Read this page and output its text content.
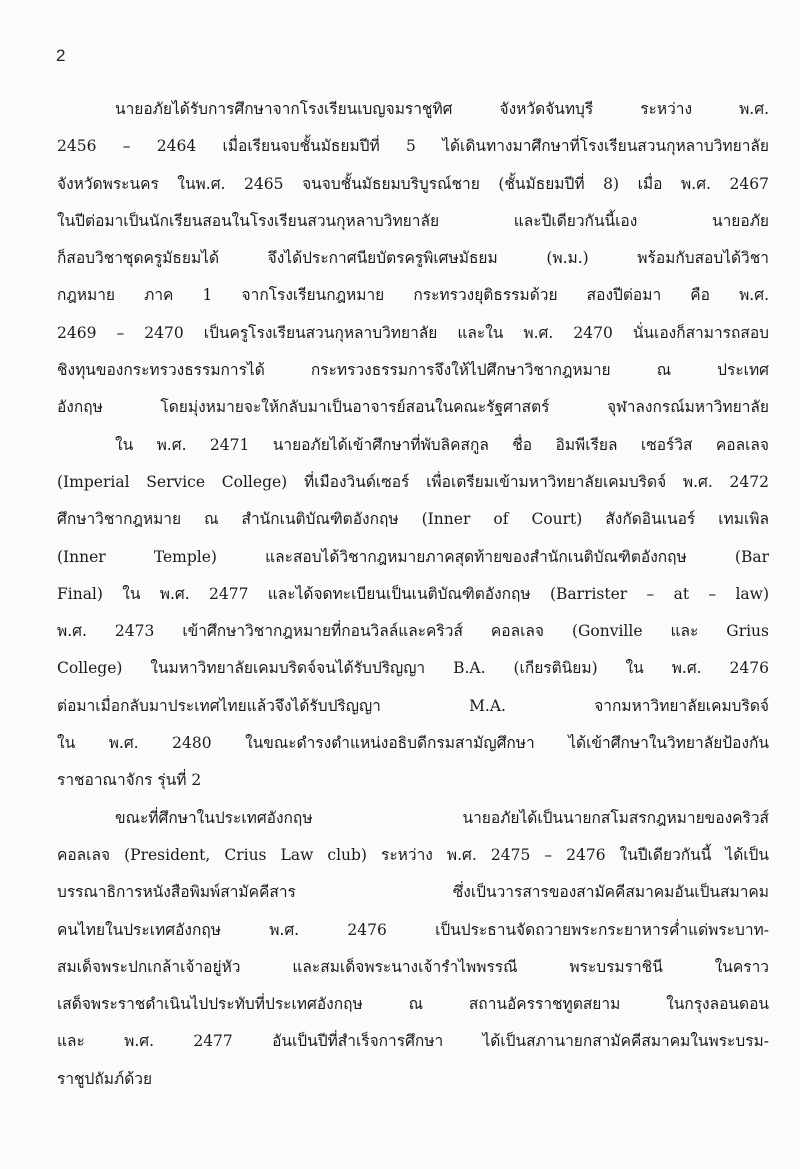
2
นายอภัยได้รับการศึกษาจากโรงเรียนเบญจมราชูทิศ จังหวัดจันทบุรี ระหว่าง พ.ศ.
2456 – 2464 เมื่อเรียนจบชั้นมัธยมปีที่ 5 ได้เดินทางมาศึกษาที่โรงเรียนสวนกุหลาบวิทยาลัย
จังหวัดพระนคร ในพ.ศ. 2465 จนจบชั้นมัธยมบริบูรณ์ชาย (ชั้นมัธยมปีที่ 8) เมื่อ พ.ศ. 2467
ในปีต่อมาเป็นนักเรียนสอนในโรงเรียนสวนกุหลาบวิทยาลัย และปีเดียวกันนี้เอง นายอภัย
ก็สอบวิชาชุดครูมัธยมได้ จึงได้ประกาศนียบัตรครูพิเศษมัธยม (พ.ม.) พร้อมกับสอบได้วิชา
กฎหมาย ภาค 1 จากโรงเรียนกฎหมาย กระทรวงยุติธรรมด้วย สองปีต่อมา คือ พ.ศ.
2469 – 2470 เป็นครูโรงเรียนสวนกุหลาบวิทยาลัย และใน พ.ศ. 2470 นั่นเองก็สามารถสอบ
ชิงทุนของกระทรวงธรรมการได้ กระทรวงธรรมการจึงให้ไปศึกษาวิชากฎหมาย ณ ประเทศ
อังกฤษ โดยมุ่งหมายจะให้กลับมาเป็นอาจารย์สอนในคณะรัฐศาสตร์ จุฬาลงกรณ์มหาวิทยาลัย
ใน พ.ศ. 2471 นายอภัยได้เข้าศึกษาที่พับลิคสกูล ชื่อ อิมพีเรียล เซอร์วิส คอลเลจ
(Imperial Service College) ที่เมืองวินด์เซอร์ เพื่อเตรียมเข้ามหาวิทยาลัยเคมบริดจ์ พ.ศ. 2472
ศึกษาวิชากฎหมาย ณ สำนักเนติบัณฑิตอังกฤษ (Inner of Court) สังกัดอินเนอร์ เทมเพิล
(Inner Temple) และสอบได้วิชากฎหมายภาคสุดท้ายของสำนักเนติบัณฑิตอังกฤษ (Bar
Final) ใน พ.ศ. 2477 และได้จดทะเบียนเป็นเนติบัณฑิตอังกฤษ (Barrister – at – law)
พ.ศ. 2473 เข้าศึกษาวิชากฎหมายที่กอนวิลล์และคริวส์ คอลเลจ (Gonville และ Grius
College) ในมหาวิทยาลัยเคมบริดจ์จนได้รับปริญญา B.A. (เกียรตินิยม) ใน พ.ศ. 2476
ต่อมาเมื่อกลับมาประเทศไทยแล้วจึงได้รับปริญญา M.A. จากมหาวิทยาลัยเคมบริดจ์
ใน พ.ศ. 2480 ในขณะดำรงตำแหน่งอธิบดีกรมสามัญศึกษา ได้เข้าศึกษาในวิทยาลัยป้องกัน
ราชอาณาจักร รุ่นที่ 2
ขณะที่ศึกษาในประเทศอังกฤษ นายอภัยได้เป็นนายกสโมสรกฎหมายของคริวส์
คอลเลจ (President, Crius Law club) ระหว่าง พ.ศ. 2475 – 2476 ในปีเดียวกันนี้ ได้เป็น
บรรณาธิการหนังสือพิมพ์สามัคคีสาร ซึ่งเป็นวารสารของสามัคคีสมาคมอันเป็นสมาคม
คนไทยในประเทศอังกฤษ พ.ศ. 2476 เป็นประธานจัดถวายพระกระยาหารค่ำแด่พระบาท-
สมเด็จพระปกเกล้าเจ้าอยู่หัว และสมเด็จพระนางเจ้ารำไพพรรณี พระบรมราชินี ในคราว
เสด็จพระราชดำเนินไปประทับที่ประเทศอังกฤษ ณ สถานอัครราชทูตสยาม ในกรุงลอนดอน
และ พ.ศ. 2477 อันเป็นปีที่สำเร็จการศึกษา ได้เป็นสภานายกสามัคคีสมาคมในพระบรม-
ราชูปถัมภ์ด้วย
